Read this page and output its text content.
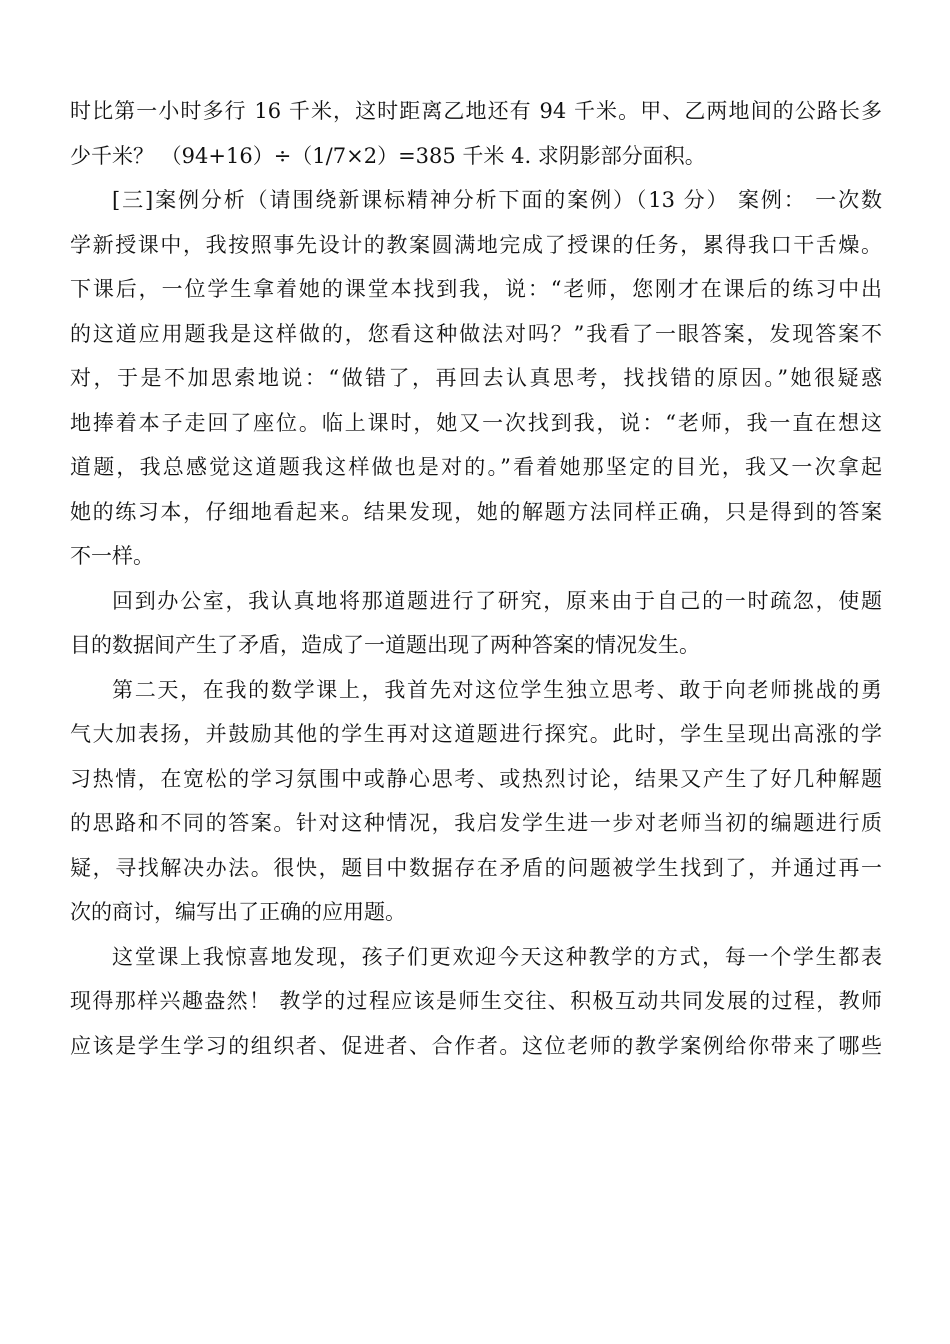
时比第一小时多行 16 千米，这时距离乙地还有 94 千米。甲、乙两地间的公路长多
少千米？ （94+16）÷（1/7×2）=385 千米 4. 求阴影部分面积。
[三]案例分析（请围绕新课标精神分析下面的案例）（13 分） 案例： 一次数
学新授课中，我按照事先设计的教案圆满地完成了授课的任务，累得我口干舌燥。
下课后，一位学生拿着她的课堂本找到我，说：“老师，您刚才在课后的练习中出
的这道应用题我是这样做的，您看这种做法对吗？”我看了一眼答案，发现答案不
对，于是不加思索地说：“做错了，再回去认真思考，找找错的原因。”她很疑惑
地捧着本子走回了座位。临上课时，她又一次找到我，说：“老师，我一直在想这
道题，我总感觉这道题我这样做也是对的。”看着她那坚定的目光，我又一次拿起
她的练习本，仔细地看起来。结果发现，她的解题方法同样正确，只是得到的答案
不一样。
回到办公室，我认真地将那道题进行了研究，原来由于自己的一时疏忽，使题
目的数据间产生了矛盾，造成了一道题出现了两种答案的情况发生。
第二天，在我的数学课上，我首先对这位学生独立思考、敢于向老师挑战的勇
气大加表扬，并鼓励其他的学生再对这道题进行探究。此时，学生呈现出高涨的学
习热情，在宽松的学习氛围中或静心思考、或热烈讨论，结果又产生了好几种解题
的思路和不同的答案。针对这种情况，我启发学生进一步对老师当初的编题进行质
疑，寻找解决办法。很快，题目中数据存在矛盾的问题被学生找到了，并通过再一
次的商讨，编写出了正确的应用题。
这堂课上我惊喜地发现，孩子们更欢迎今天这种教学的方式，每一个学生都表
现得那样兴趣盎然！ 教学的过程应该是师生交往、积极互动共同发展的过程，教师
应该是学生学习的组织者、促进者、合作者。这位老师的教学案例给你带来了哪些
